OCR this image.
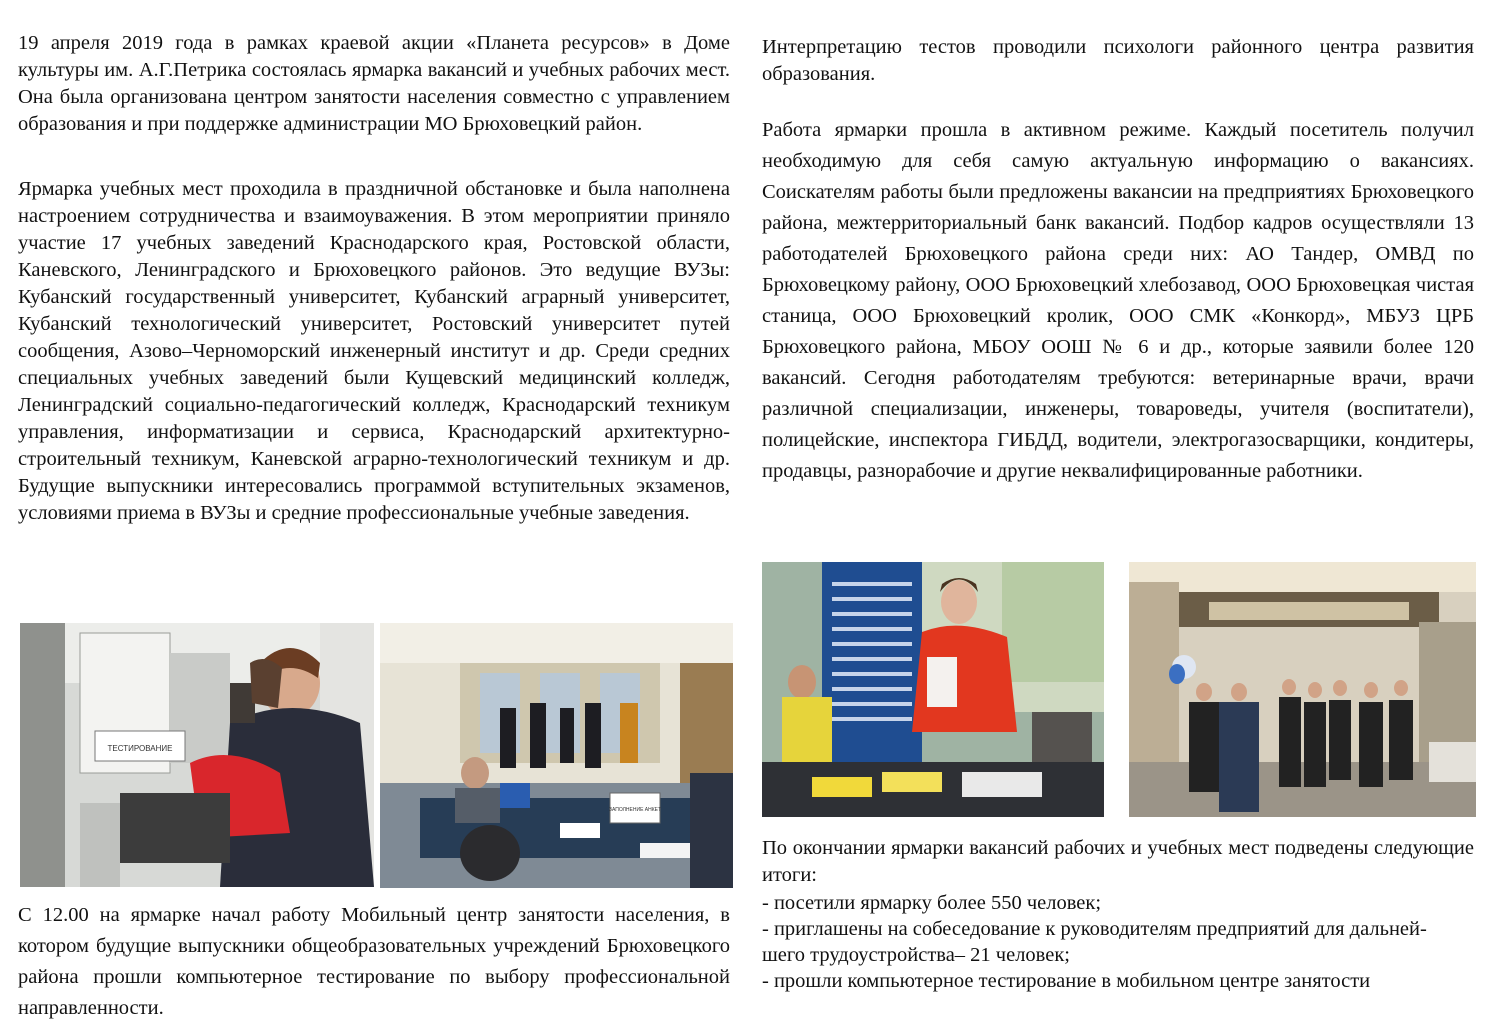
19 апреля 2019 года в рамках краевой акции «Планета ресурсов» в Доме культуры им. А.Г.Петрика состоялась ярмарка вакансий и учебных рабочих мест. Она была организована центром занятости населения совместно с управлением образования и при поддержке администрации МО Брюховецкий район.

Ярмарка учебных мест проходила в праздничной обстановке и была наполнена настроением сотрудничества и взаимоуважения. В этом мероприятии приняло участие 17 учебных заведений Краснодарского края, Ростовской области, Каневского, Ленинградского и Брюховецкого районов. Это ведущие ВУЗы: Кубанский государственный университет, Кубанский аграрный университет, Кубанский технологический университет, Ростовский университет путей сообщения, Азово–Черноморский инженерный институт и др. Среди средних специальных учебных заведений были Кущевский медицинский колледж, Ленинградский социально-педагогический колледж, Краснодарский техникум управления, информатизации и сервиса, Краснодарский архитектурно-строительный техникум, Каневской аграрно-технологический техникум и др. Будущие выпускники интересовались программой вступительных экзаменов, условиями приема в ВУЗы и средние профессиональные учебные заведения.

С 12.00 на ярмарке начал работу Мобильный центр занятости населения, в котором будущие выпускники общеобразовательных учреждений Брюховецкого района прошли компьютерное тестирование по выбору профессиональной направленности.

ТЕСТИРОВАНИЕ
ЗАПОЛНЕНИЕ АНКЕТ

Интерпретацию тестов проводили психологи районного центра развития образования.

Работа ярмарки прошла в активном режиме. Каждый посетитель получил необходимую для себя самую актуальную информацию о вакансиях. Соискателям работы были предложены вакансии на предприятиях Брюховецкого района, межтерриториальный банк вакансий. Подбор кадров осуществляли 13 работодателей Брюховецкого района среди них: АО Тандер, ОМВД по Брюховецкому району, ООО Брюховецкий хлебозавод, ООО Брюховецкая чистая станица, ООО Брюховецкий кролик, ООО СМК «Конкорд», МБУЗ ЦРБ Брюховецкого района, МБОУ ООШ № 6 и др., которые заявили более 120 вакансий. Сегодня работодателям требуются: ветеринарные врачи, врачи различной специализации, инженеры, товароведы, учителя (воспитатели), полицейские, инспектора ГИБДД, водители, электрогазосварщики, кондитеры, продавцы, разнорабочие и другие неквалифицированные работники.

По окончании ярмарки вакансий рабочих и учебных мест подведены следующие итоги:

- посетили ярмарку более 550 человек;

- приглашены на собеседование к руководителям предприятий для дальней-

шего трудоустройства– 21 человек;

- прошли компьютерное тестирование в мобильном центре занятости
